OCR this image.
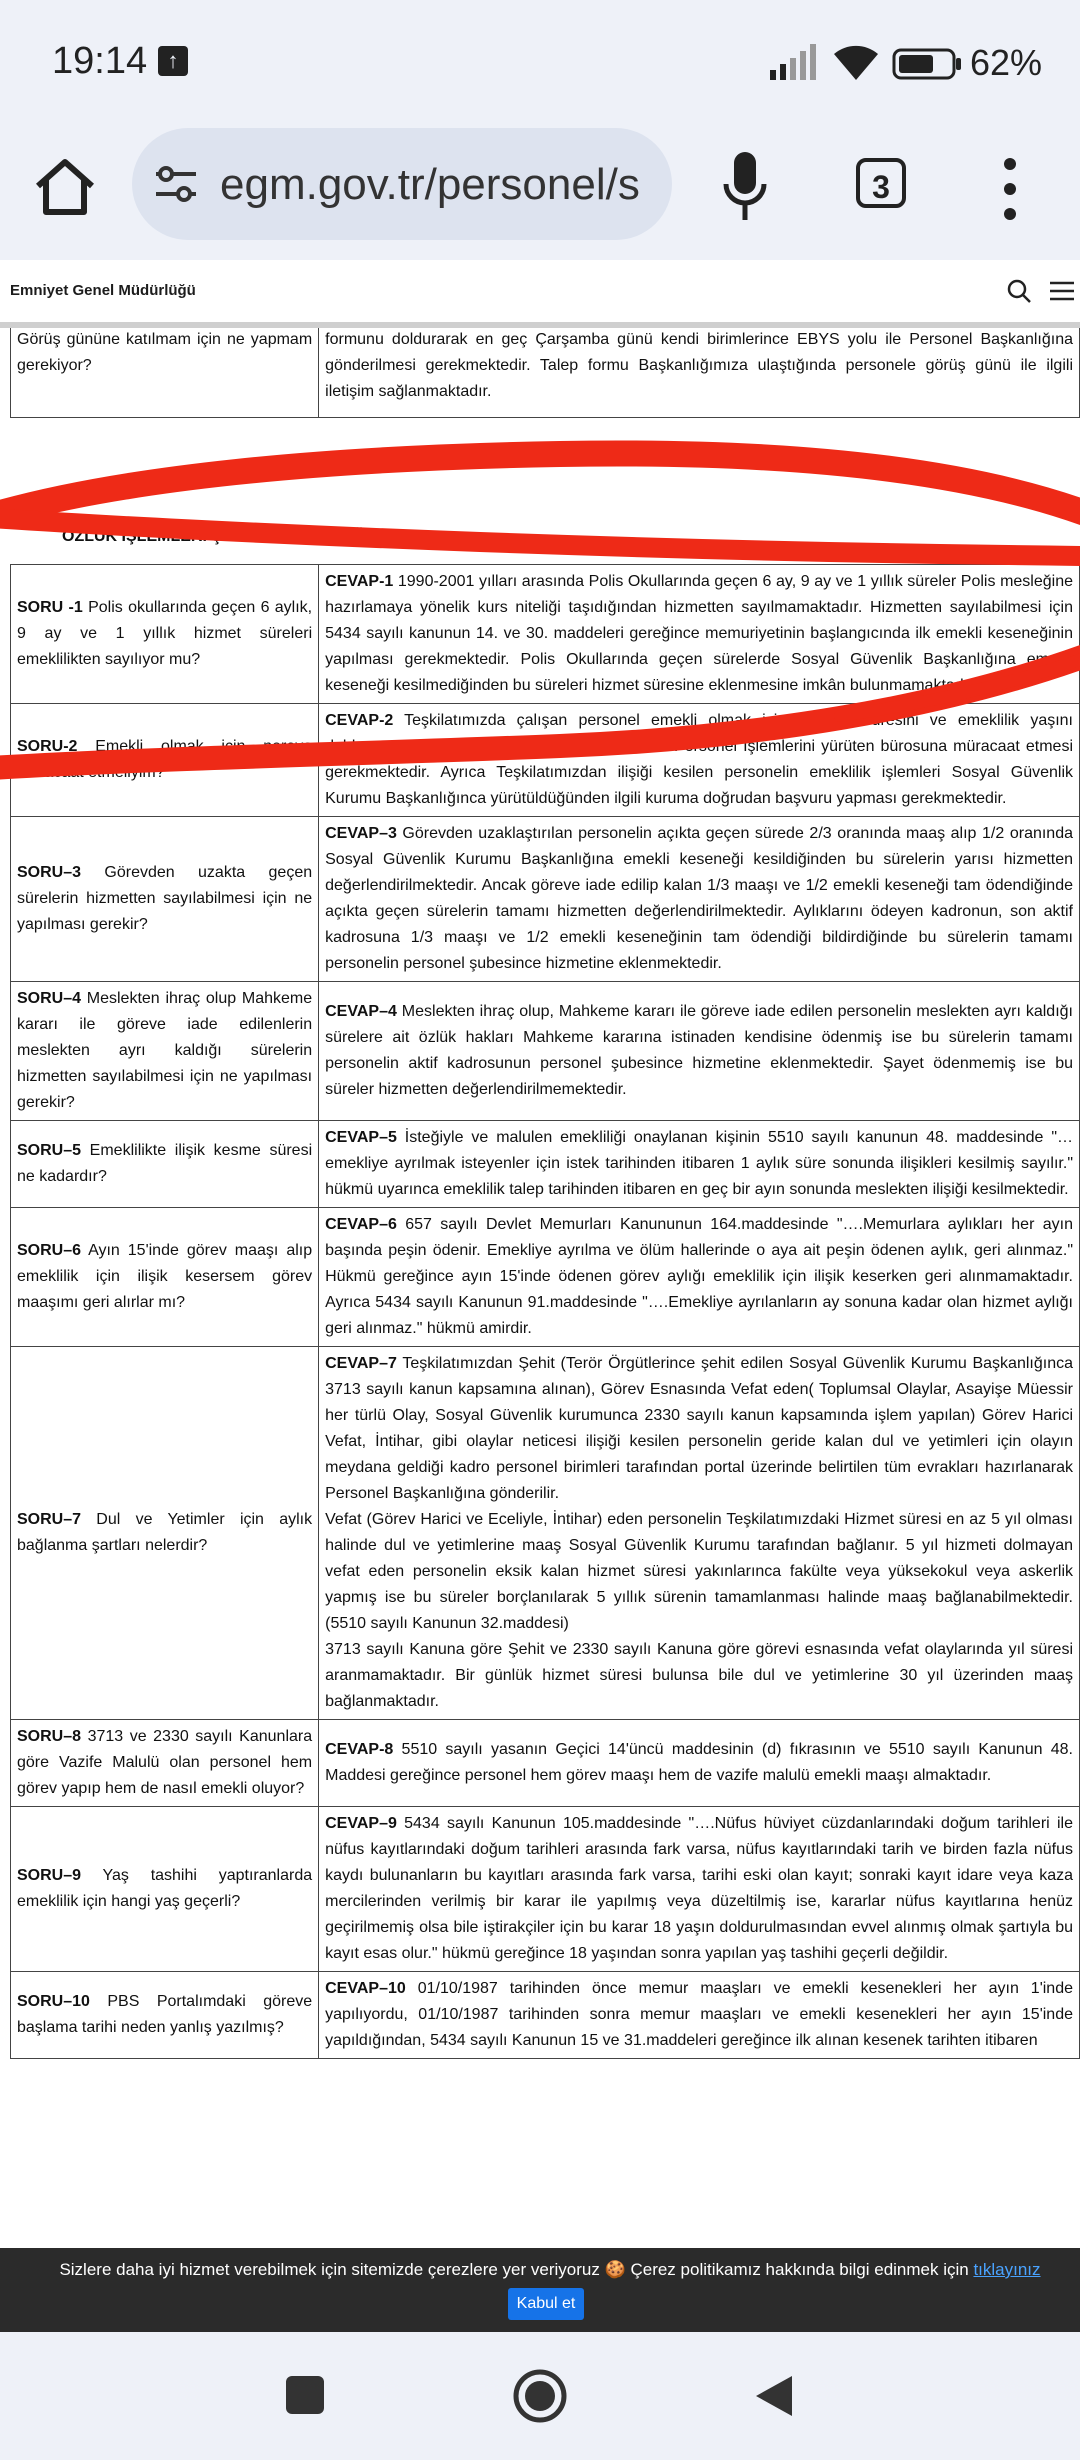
19:14 ↑	62%
egm.gov.tr/personel/s	3
Emniyet Genel Müdürlüğü
Görüş gününe katılmam için ne yapmam gerekiyor?	formunu doldurarak en geç Çarşamba günü kendi birimlerince EBYS yolu ile Personel Başkanlığına gönderilmesi gerekmektedir. Talep formu Başkanlığımıza ulaştığında personele görüş günü ile ilgili iletişim sağlanmaktadır.
ÖZLÜK İŞLEMLERİ ŞUBE MÜDÜRLÜĞÜ
SORU -1 Polis okullarında geçen 6 aylık, 9 ay ve 1 yıllık hizmet süreleri emeklilikten sayılıyor mu?	CEVAP-1 1990-2001 yılları arasında Polis Okullarında geçen 6 ay, 9 ay ve 1 yıllık süreler Polis mesleğine hazırlamaya yönelik kurs niteliği taşıdığından hizmetten sayılmamaktadır. Hizmetten sayılabilmesi için 5434 sayılı kanunun 14. ve 30. maddeleri gereğince memuriyetinin başlangıcında ilk emekli keseneğinin yapılması gerekmektedir. Polis Okullarında geçen sürelerde Sosyal Güvenlik Başkanlığına emekli keseneği kesilmediğinden bu süreleri hizmet süresine eklenmesine imkân bulunmamaktadır.
SORU-2 Emekli olmak için nereye müracaat etmeliyim?	CEVAP-2 Teşkilatımızda çalışan personel emekli olmak için çalışma süresini ve emeklilik yaşını doldurmuş ise en son çalıştığı aktif kadrosunun Personel İşlemlerini yürüten bürosuna müracaat etmesi gerekmektedir. Ayrıca Teşkilatımızdan ilişiği kesilen personelin emeklilik işlemleri Sosyal Güvenlik Kurumu Başkanlığınca yürütüldüğünden ilgili kuruma doğrudan başvuru yapması gerekmektedir.
SORU–3 Görevden uzakta geçen sürelerin hizmetten sayılabilmesi için ne yapılması gerekir?	CEVAP–3 Görevden uzaklaştırılan personelin açıkta geçen sürede 2/3 oranında maaş alıp 1/2 oranında Sosyal Güvenlik Kurumu Başkanlığına emekli keseneği kesildiğinden bu sürelerin yarısı hizmetten değerlendirilmektedir. Ancak göreve iade edilip kalan 1/3 maaşı ve 1/2 emekli keseneği tam ödendiğinde açıkta geçen sürelerin tamamı hizmetten değerlendirilmektedir. Aylıklarını ödeyen kadronun, son aktif kadrosuna 1/3 maaşı ve 1/2 emekli keseneğinin tam ödendiği bildirdiğinde bu sürelerin tamamı personelin personel şubesince hizmetine eklenmektedir.
SORU–4 Meslekten ihraç olup Mahkeme kararı ile göreve iade edilenlerin meslekten ayrı kaldığı sürelerin hizmetten sayılabilmesi için ne yapılması gerekir?	CEVAP–4 Meslekten ihraç olup, Mahkeme kararı ile göreve iade edilen personelin meslekten ayrı kaldığı sürelere ait özlük hakları Mahkeme kararına istinaden kendisine ödenmiş ise bu sürelerin tamamı personelin aktif kadrosunun personel şubesince hizmetine eklenmektedir. Şayet ödenmemiş ise bu süreler hizmetten değerlendirilmemektedir.
SORU–5 Emeklilikte ilişik kesme süresi ne kadardır?	CEVAP–5 İsteğiyle ve malulen emekliliği onaylanan kişinin 5510 sayılı kanunun 48. maddesinde "…emekliye ayrılmak isteyenler için istek tarihinden itibaren 1 aylık süre sonunda ilişikleri kesilmiş sayılır." hükmü uyarınca emeklilik talep tarihinden itibaren en geç bir ayın sonunda meslekten ilişiği kesilmektedir.
SORU–6 Ayın 15'inde görev maaşı alıp emeklilik için ilişik kesersem görev maaşımı geri alırlar mı?	CEVAP–6 657 sayılı Devlet Memurları Kanununun 164.maddesinde "….Memurlara aylıkları her ayın başında peşin ödenir. Emekliye ayrılma ve ölüm hallerinde o aya ait peşin ödenen aylık, geri alınmaz." Hükmü gereğince ayın 15'inde ödenen görev aylığı emeklilik için ilişik keserken geri alınmamaktadır. Ayrıca 5434 sayılı Kanunun 91.maddesinde "….Emekliye ayrılanların ay sonuna kadar olan hizmet aylığı geri alınmaz." hükmü amirdir.
SORU–7 Dul ve Yetimler için aylık bağlanma şartları nelerdir?	CEVAP–7 Teşkilatımızdan Şehit (Terör Örgütlerince şehit edilen Sosyal Güvenlik Kurumu Başkanlığınca 3713 sayılı kanun kapsamına alınan), Görev Esnasında Vefat eden( Toplumsal Olaylar, Asayişe Müessir her türlü Olay, Sosyal Güvenlik kurumunca 2330 sayılı kanun kapsamında işlem yapılan) Görev Harici Vefat, İntihar, gibi olaylar neticesi ilişiği kesilen personelin geride kalan dul ve yetimleri için olayın meydana geldiği kadro personel birimleri tarafından portal üzerinde belirtilen tüm evrakları hazırlanarak Personel Başkanlığına gönderilir.
Vefat (Görev Harici ve Eceliyle, İntihar) eden personelin Teşkilatımızdaki Hizmet süresi en az 5 yıl olması halinde dul ve yetimlerine maaş Sosyal Güvenlik Kurumu tarafından bağlanır. 5 yıl hizmeti dolmayan vefat eden personelin eksik kalan hizmet süresi yakınlarınca fakülte veya yüksekokul veya askerlik yapmış ise bu süreler borçlanılarak 5 yıllık sürenin tamamlanması halinde maaş bağlanabilmektedir. (5510 sayılı Kanunun 32.maddesi)
3713 sayılı Kanuna göre Şehit ve 2330 sayılı Kanuna göre görevi esnasında vefat olaylarında yıl süresi aranmamaktadır. Bir günlük hizmet süresi bulunsa bile dul ve yetimlerine 30 yıl üzerinden maaş bağlanmaktadır.

SORU–8 3713 ve 2330 sayılı Kanunlara göre Vazife Malulü olan personel hem görev yapıp hem de nasıl emekli oluyor?	CEVAP-8 5510 sayılı yasanın Geçici 14'üncü maddesinin (d) fıkrasının ve 5510 sayılı Kanunun 48. Maddesi gereğince personel hem görev maaşı hem de vazife malulü emekli maaşı almaktadır.
SORU–9 Yaş tashihi yaptıranlarda emeklilik için hangi yaş geçerli?	CEVAP–9 5434 sayılı Kanunun 105.maddesinde "….Nüfus hüviyet cüzdanlarındaki doğum tarihleri ile nüfus kayıtlarındaki doğum tarihleri arasında fark varsa, nüfus kayıtlarındaki tarih ve birden fazla nüfus kaydı bulunanların bu kayıtları arasında fark varsa, tarihi eski olan kayıt; sonraki kayıt idare veya kaza mercilerinden verilmiş bir karar ile yapılmış veya düzeltilmiş ise, kararlar nüfus kayıtlarına henüz geçirilmemiş olsa bile iştirakçiler için bu karar 18 yaşın doldurulmasından evvel alınmış olmak şartıyla bu kayıt esas olur." hükmü gereğince 18 yaşından sonra yapılan yaş tashihi geçerli değildir.
SORU–10 PBS Portalımdaki göreve başlama tarihi neden yanlış yazılmış?	CEVAP–10 01/10/1987 tarihinden önce memur maaşları ve emekli kesenekleri her ayın 1'inde yapılıyordu, 01/10/1987 tarihinden sonra memur maaşları ve emekli kesenekleri her ayın 15'inde yapıldığından, 5434 sayılı Kanunun 15 ve 31.maddeleri gereğince ilk alınan kesenek tarihten itibaren
Sizlere daha iyi hizmet verebilmek için sitemizde çerezlere yer veriyoruz 🍪 Çerez politikamız hakkında bilgi edinmek için tıklayınız
Kabul et
